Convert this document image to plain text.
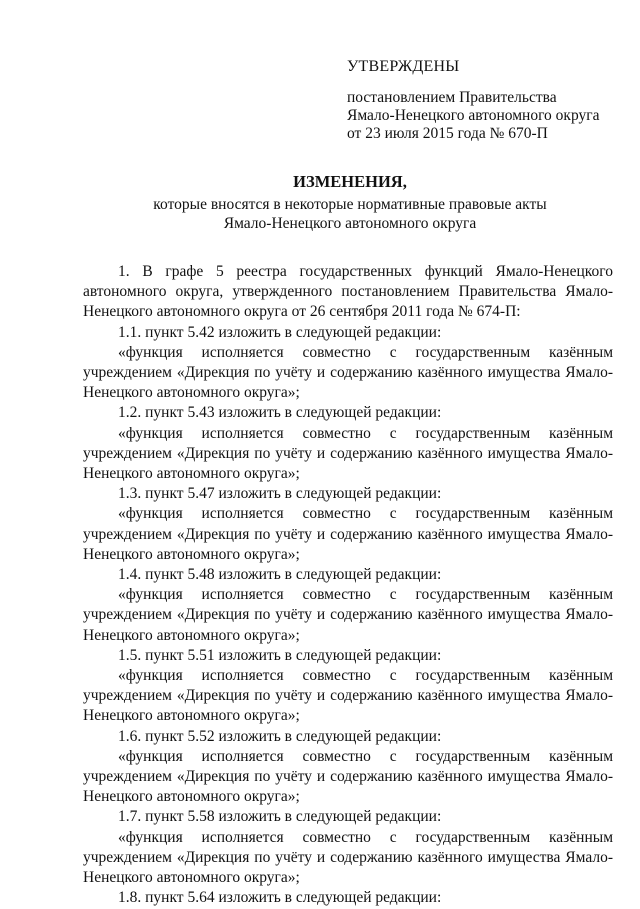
УТВЕРЖДЕНЫ
постановлением Правительства
Ямало-Ненецкого автономного округа
от 23 июля 2015 года № 670-П
ИЗМЕНЕНИЯ,
которые вносятся в некоторые нормативные правовые акты
Ямало-Ненецкого автономного округа

1. В графе 5 реестра государственных функций Ямало-Ненецкого автономного округа, утвержденного постановлением Правительства Ямало-Ненецкого автономного округа от 26 сентября 2011 года № 674-П:

1.1. пункт 5.42 изложить в следующей редакции:

«функция исполняется совместно с государственным казённым учреждением «Дирекция по учёту и содержанию казённого имущества Ямало-Ненецкого автономного округа»;

1.2. пункт 5.43 изложить в следующей редакции:

«функция исполняется совместно с государственным казённым учреждением «Дирекция по учёту и содержанию казённого имущества Ямало-Ненецкого автономного округа»;

1.3. пункт 5.47 изложить в следующей редакции:

«функция исполняется совместно с государственным казённым учреждением «Дирекция по учёту и содержанию казённого имущества Ямало-Ненецкого автономного округа»;

1.4. пункт 5.48 изложить в следующей редакции:

«функция исполняется совместно с государственным казённым учреждением «Дирекция по учёту и содержанию казённого имущества Ямало-Ненецкого автономного округа»;

1.5. пункт 5.51 изложить в следующей редакции:

«функция исполняется совместно с государственным казённым учреждением «Дирекция по учёту и содержанию казённого имущества Ямало-Ненецкого автономного округа»;

1.6. пункт 5.52 изложить в следующей редакции:

«функция исполняется совместно с государственным казённым учреждением «Дирекция по учёту и содержанию казённого имущества Ямало-Ненецкого автономного округа»;

1.7. пункт 5.58 изложить в следующей редакции:

«функция исполняется совместно с государственным казённым учреждением «Дирекция по учёту и содержанию казённого имущества Ямало-Ненецкого автономного округа»;

1.8. пункт 5.64 изложить в следующей редакции:
